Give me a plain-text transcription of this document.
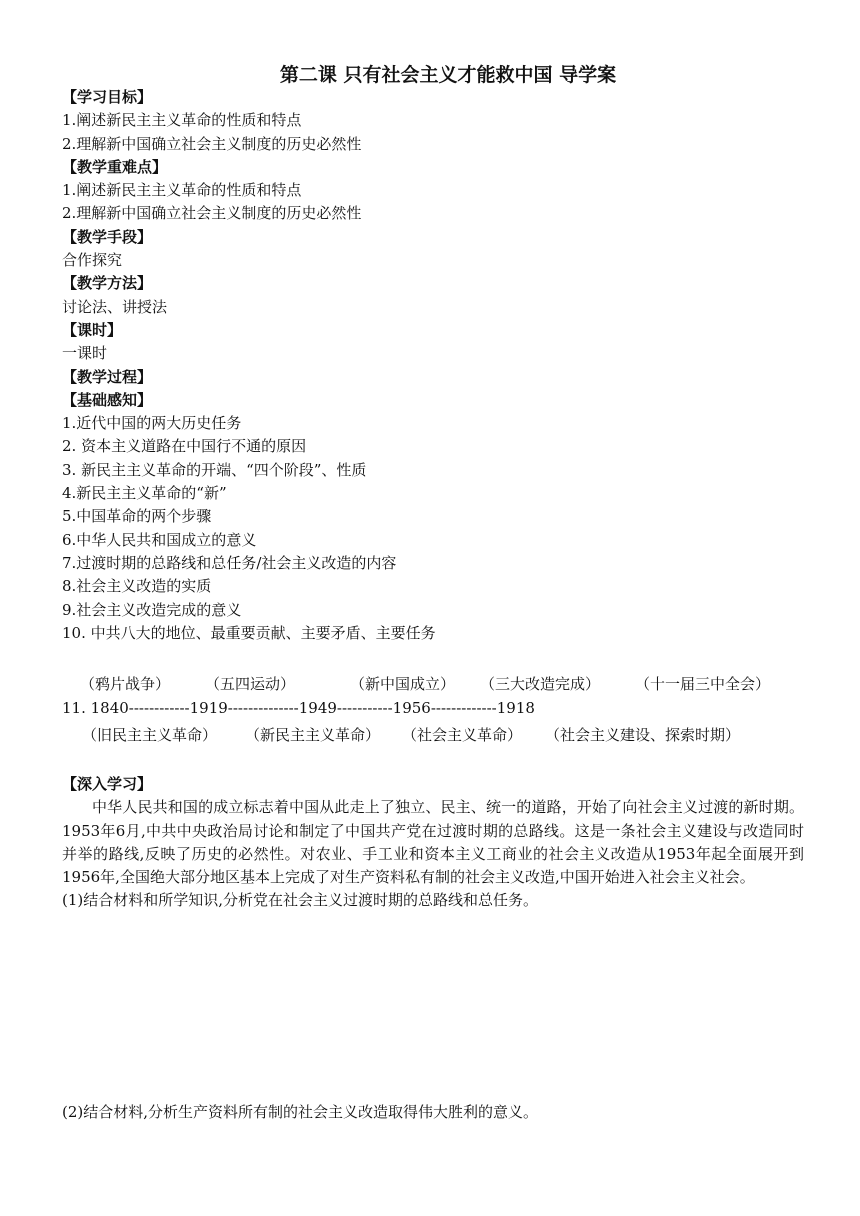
第二课 只有社会主义才能救中国 导学案
【学习目标】
1.阐述新民主主义革命的性质和特点
2.理解新中国确立社会主义制度的历史必然性
【教学重难点】
1.阐述新民主主义革命的性质和特点
2.理解新中国确立社会主义制度的历史必然性
【教学手段】
合作探究
【教学方法】
讨论法、讲授法
【课时】
一课时
【教学过程】
【基础感知】
1.近代中国的两大历史任务
2. 资本主义道路在中国行不通的原因
3. 新民主主义革命的开端、“四个阶段”、性质
4.新民主主义革命的“新”
5.中国革命的两个步骤
6.中华人民共和国成立的意义
7.过渡时期的总路线和总任务/社会主义改造的内容
8.社会主义改造的实质
9.社会主义改造完成的意义
10. 中共八大的地位、最重要贡献、主要矛盾、主要任务
（鸦片战争） （五四运动）	（新中国成立） （三大改造完成） （十一届三中全会）
11. 1840------------1919--------------1949-----------1956-------------1918
（旧民主主义革命） （新民主主义革命） （社会主义革命） （社会主义建设、探索时期）
【深入学习】

中华人民共和国的成立标志着中国从此走上了独立、民主、统一的道路，开始了向社会主义过渡的新时期。1953年6月,中共中央政治局讨论和制定了中国共产党在过渡时期的总路线。这是一条社会主义建设与改造同时并举的路线,反映了历史的必然性。对农业、手工业和资本主义工商业的社会主义改造从1953年起全面展开到1956年,全国绝大部分地区基本上完成了对生产资料私有制的社会主义改造,中国开始进入社会主义社会。

(1)结合材料和所学知识,分析党在社会主义过渡时期的总路线和总任务。
(2)结合材料,分析生产资料所有制的社会主义改造取得伟大胜利的意义。
